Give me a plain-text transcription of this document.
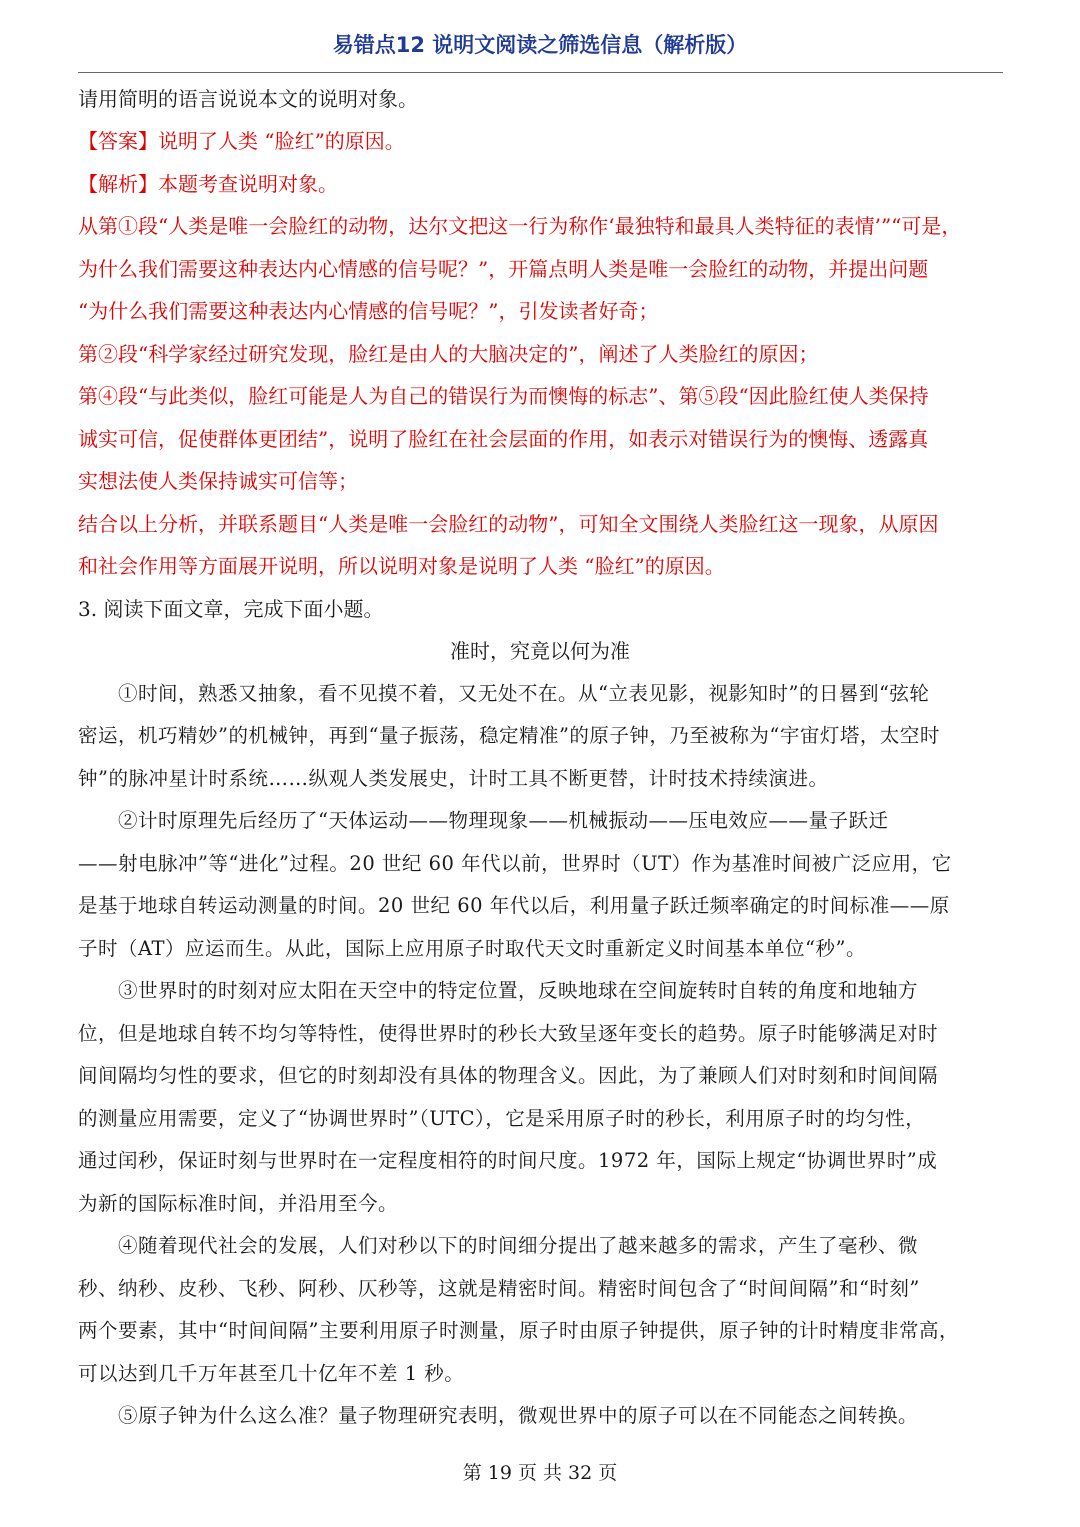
易错点12 说明文阅读之筛选信息（解析版）
请用简明的语言说说本文的说明对象。
【答案】说明了人类 “脸红”的原因。
【解析】本题考查说明对象。
从第①段“人类是唯一会脸红的动物，达尔文把这一行为称作‘最独特和最具人类特征的表情’”“可是，
为什么我们需要这种表达内心情感的信号呢？”，开篇点明人类是唯一会脸红的动物，并提出问题
“为什么我们需要这种表达内心情感的信号呢？”，引发读者好奇；
第②段“科学家经过研究发现，脸红是由人的大脑决定的”，阐述了人类脸红的原因；
第④段“与此类似，脸红可能是人为自己的错误行为而懊悔的标志”、第⑤段“因此脸红使人类保持
诚实可信，促使群体更团结”，说明了脸红在社会层面的作用，如表示对错误行为的懊悔、透露真
实想法使人类保持诚实可信等；
结合以上分析，并联系题目“人类是唯一会脸红的动物”，可知全文围绕人类脸红这一现象，从原因
和社会作用等方面展开说明，所以说明对象是说明了人类 “脸红”的原因。
3. 阅读下面文章，完成下面小题。
准时，究竟以何为准
①时间，熟悉又抽象，看不见摸不着，又无处不在。从“立表见影，视影知时”的日晷到“弦轮
密运，机巧精妙”的机械钟，再到“量子振荡，稳定精准”的原子钟，乃至被称为“宇宙灯塔，太空时
钟”的脉冲星计时系统……纵观人类发展史，计时工具不断更替，计时技术持续演进。
②计时原理先后经历了“天体运动——物理现象——机械振动——压电效应——量子跃迁
——射电脉冲”等“进化”过程。20 世纪 60 年代以前，世界时（UT）作为基准时间被广泛应用，它
是基于地球自转运动测量的时间。20 世纪 60 年代以后，利用量子跃迁频率确定的时间标准——原
子时（AT）应运而生。从此，国际上应用原子时取代天文时重新定义时间基本单位“秒”。
③世界时的时刻对应太阳在天空中的特定位置，反映地球在空间旋转时自转的角度和地轴方
位，但是地球自转不均匀等特性，使得世界时的秒长大致呈逐年变长的趋势。原子时能够满足对时
间间隔均匀性的要求，但它的时刻却没有具体的物理含义。因此，为了兼顾人们对时刻和时间间隔
的测量应用需要，定义了“协调世界时”（UTC），它是采用原子时的秒长，利用原子时的均匀性，
通过闰秒，保证时刻与世界时在一定程度相符的时间尺度。1972 年，国际上规定“协调世界时”成
为新的国际标准时间，并沿用至今。
④随着现代社会的发展，人们对秒以下的时间细分提出了越来越多的需求，产生了毫秒、微
秒、纳秒、皮秒、飞秒、阿秒、仄秒等，这就是精密时间。精密时间包含了“时间间隔”和“时刻”
两个要素，其中“时间间隔”主要利用原子时测量，原子时由原子钟提供，原子钟的计时精度非常高，
可以达到几千万年甚至几十亿年不差 1 秒。
⑤原子钟为什么这么准？量子物理研究表明，微观世界中的原子可以在不同能态之间转换。
第 19 页 共 32 页
